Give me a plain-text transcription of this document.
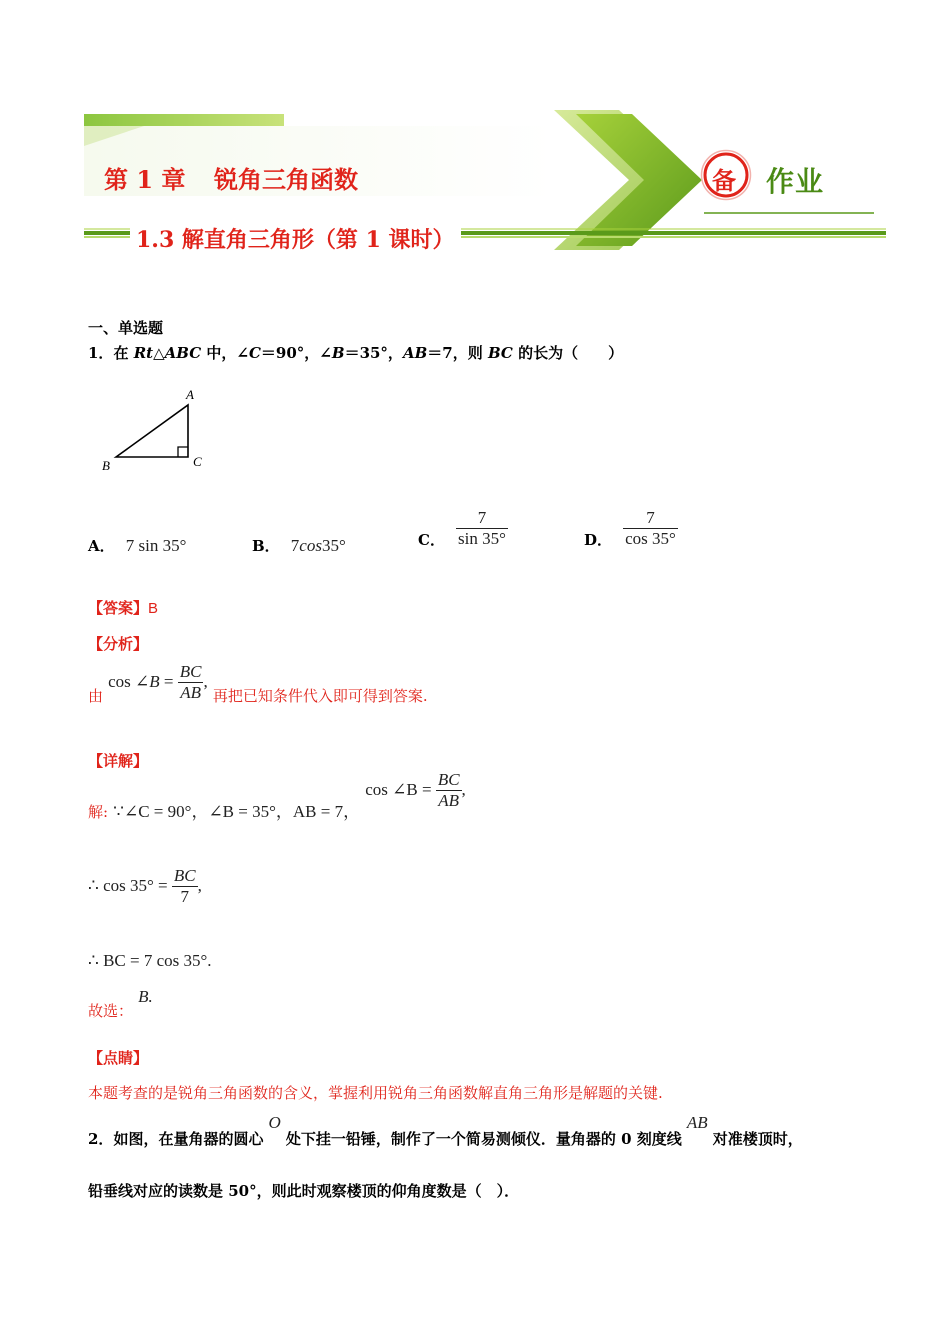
第 1 章 锐角三角函数
1.3 解直角三角形（第 1 课时）
备 作业
一、单选题
1．在 Rt△ABC 中，∠C＝90°，∠B＝35°，AB＝7，则 BC 的长为（　　）
A
B	C
A． 7 sin 35°	B． 7cos35°	C． $\frac{7}{\sin 35^\circ}$	D． $\frac{7}{\cos 35^\circ}$
【答案】B
【分析】
由 cos ∠B = $\frac{BC}{AB}$ , 再把已知条件代入即可得到答案.
【详解】
解: ∵∠C = 90°，∠B = 35°，AB = 7， cos ∠B = $\frac{BC}{AB}$ ,
∴ $\cos 35^\circ = \frac{BC}{7}$ ,
∴ BC = 7 cos 35°.
故选： B.
【点睛】
本题考查的是锐角三角函数的含义，掌握利用锐角三角函数解直角三角形是解题的关键.
2．如图，在量角器的圆心 O 处下挂一铅锤，制作了一个简易测倾仪．量角器的 0 刻度线 AB 对准楼顶时，
铅垂线对应的读数是 50°，则此时观察楼顶的仰角度数是（　）．
